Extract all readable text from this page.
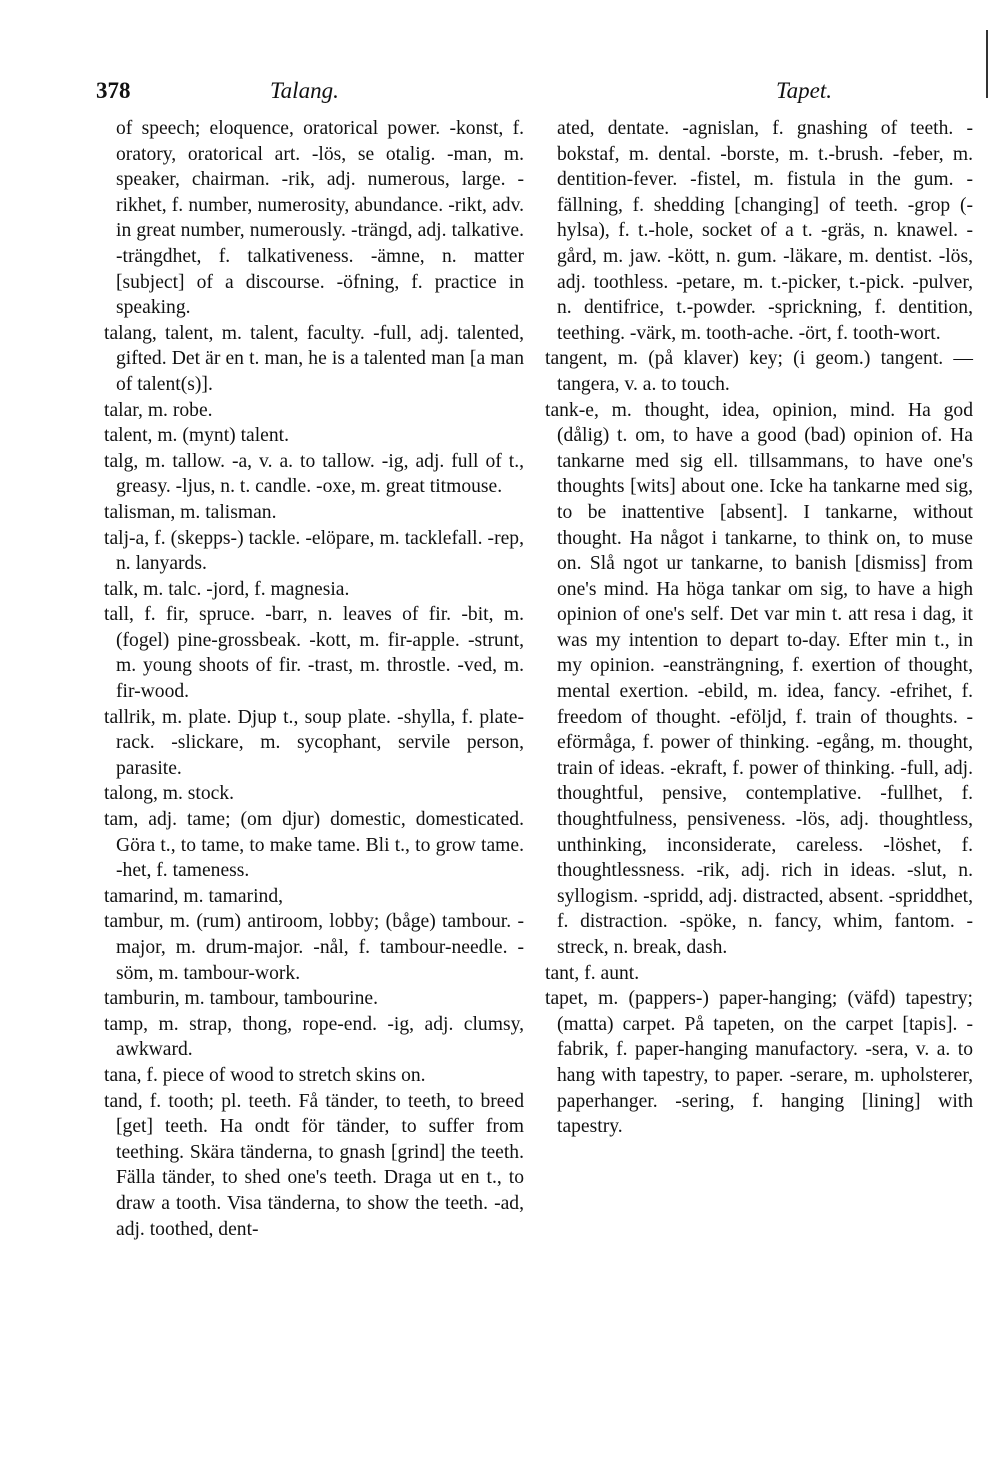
378	Talang.	Tapet.

of speech; eloquence, oratorical power. -konst, f. oratory, oratorical art. -lös, se otalig. -man, m. speaker, chairman. -rik, adj. numerous, large. -rikhet, f. number, numerosity, abundance. -rikt, adv. in great number, numerously. -trängd, adj. talkative. -trängdhet, f. talkativeness. -ämne, n. matter [subject] of a discourse. -öfning, f. practice in speaking.

talang, talent, m. talent, faculty. -full, adj. talented, gifted. Det är en t. man, he is a talented man [a man of talent(s)].

talar, m. robe.

talent, m. (mynt) talent.

talg, m. tallow. -a, v. a. to tallow. -ig, adj. full of t., greasy. -ljus, n. t. candle. -oxe, m. great titmouse.

talisman, m. talisman.

talj-a, f. (skepps-) tackle. -elöpare, m. tacklefall. -rep, n. lanyards.

talk, m. talc. -jord, f. magnesia.

tall, f. fir, spruce. -barr, n. leaves of fir. -bit, m. (fogel) pine-grossbeak. -kott, m. fir-apple. -strunt, m. young shoots of fir. -trast, m. throstle. -ved, m. fir-wood.

tallrik, m. plate. Djup t., soup plate. -shylla, f. plate-rack. -slickare, m. sycophant, servile person, parasite.

talong, m. stock.

tam, adj. tame; (om djur) domestic, domesticated. Göra t., to tame, to make tame. Bli t., to grow tame. -het, f. tameness.

tamarind, m. tamarind,

tambur, m. (rum) antiroom, lobby; (båge) tambour. -major, m. drum-major. -nål, f. tambour-needle. -söm, m. tambour-work.

tamburin, m. tambour, tambourine.

tamp, m. strap, thong, rope-end. -ig, adj. clumsy, awkward.

tana, f. piece of wood to stretch skins on.

tand, f. tooth; pl. teeth. Få tänder, to teeth, to breed [get] teeth. Ha ondt för tänder, to suffer from teething. Skära tänderna, to gnash [grind] the teeth. Fälla tänder, to shed one's teeth. Draga ut en t., to draw a tooth. Visa tänderna, to show the teeth. -ad, adj. toothed, dent-

ated, dentate. -agnislan, f. gnashing of teeth. -bokstaf, m. dental. -borste, m. t.-brush. -feber, m. dentition-fever. -fistel, m. fistula in the gum. -fällning, f. shedding [changing] of teeth. -grop (-hylsa), f. t.-hole, socket of a t. -gräs, n. knawel. -gård, m. jaw. -kött, n. gum. -läkare, m. dentist. -lös, adj. toothless. -petare, m. t.-picker, t.-pick. -pulver, n. dentifrice, t.-powder. -sprickning, f. dentition, teething. -värk, m. tooth-ache. -ört, f. tooth-wort.

tangent, m. (på klaver) key; (i geom.) tangent. — tangera, v. a. to touch.

tank-e, m. thought, idea, opinion, mind. Ha god (dålig) t. om, to have a good (bad) opinion of. Ha tankarne med sig ell. tillsammans, to have one's thoughts [wits] about one. Icke ha tankarne med sig, to be inattentive [absent]. I tankarne, without thought. Ha något i tankarne, to think on, to muse on. Slå ngot ur tankarne, to banish [dismiss] from one's mind. Ha höga tankar om sig, to have a high opinion of one's self. Det var min t. att resa i dag, it was my intention to depart to-day. Efter min t., in my opinion. -eansträngning, f. exertion of thought, mental exertion. -ebild, m. idea, fancy. -efrihet, f. freedom of thought. -eföljd, f. train of thoughts. -eförmåga, f. power of thinking. -egång, m. thought, train of ideas. -ekraft, f. power of thinking. -full, adj. thoughtful, pensive, contemplative. -fullhet, f. thoughtfulness, pensiveness. -lös, adj. thoughtless, unthinking, inconsiderate, careless. -löshet, f. thoughtlessness. -rik, adj. rich in ideas. -slut, n. syllogism. -spridd, adj. distracted, absent. -spriddhet, f. distraction. -spöke, n. fancy, whim, fantom. -streck, n. break, dash.

tant, f. aunt.

tapet, m. (pappers-) paper-hanging; (väfd) tapestry; (matta) carpet. På tapeten, on the carpet [tapis]. -fabrik, f. paper-hanging manufactory. -sera, v. a. to hang with tapestry, to paper. -serare, m. upholsterer, paperhanger. -sering, f. hanging [lining] with tapestry.
